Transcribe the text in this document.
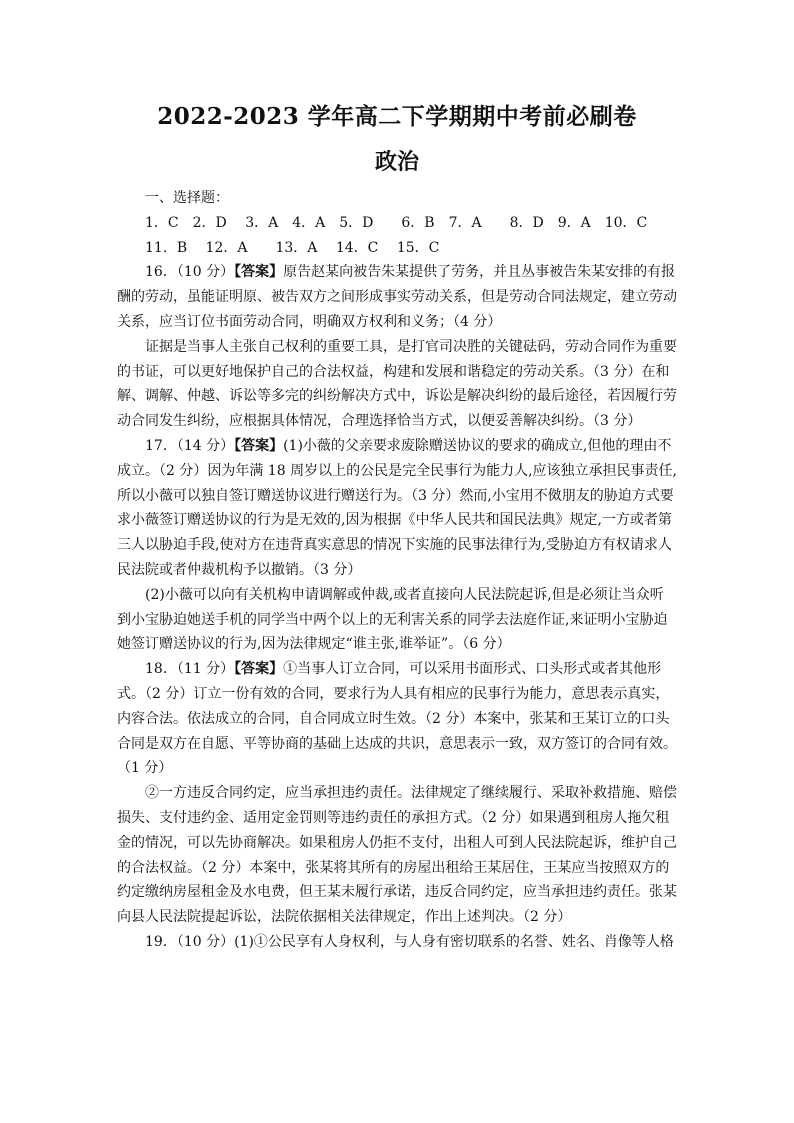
2022-2023 学年高二下学期期中考前必刷卷
政治

一、选择题：

1．C　2．D　 3．A　4．A　5．D　　6．B　7．A　　8．D　9．A　10．C

11．B　 12．A　　13．A　 14．C　 15．C

16．（10 分）【答案】原告赵某向被告朱某提供了劳务，并且丛事被告朱某安排的有报酬的劳动，虽能证明原、被告双方之间形成事实劳动关系，但是劳动合同法规定，建立劳动关系，应当订位书面劳动合同，明确双方权利和义务；（4 分）

证据是当事人主张自己权利的重要工具，是打官司决胜的关键砝码，劳动合同作为重要的书证，可以更好地保护自己的合法权益，构建和发展和谐稳定的劳动关系。（3 分）在和解、调解、仲越、诉讼等多完的纠纷解决方式中，诉讼是解决纠纷的最后途径，若因履行劳动合同发生纠纷，应根据具体情况，合理选择恰当方式，以便妥善解决纠纷。（3 分）

17．（14 分）【答案】(1)小薇的父亲要求废除赠送协议的要求的确成立,但他的理由不成立。（2 分）因为年满 18 周岁以上的公民是完全民事行为能力人,应该独立承担民事责任,所以小薇可以独自签订赠送协议进行赠送行为。（3 分）然而,小宝用不傚朋友的胁迫方式要求小薇签订赠送协议的行为是无效的,因为根据《中华人民共和国民法典》规定,一方或者第三人以胁迫手段,使对方在违背真实意思的情况下实施的民事法律行为,受胁迫方有权请求人民法院或者仲裁机构予以撤销。（3 分）

(2)小薇可以向有关机构申请调解或仲裁,或者直接向人民法院起诉,但是必须让当众听到小宝胁迫她送手机的同学当中两个以上的无利害关系的同学去法庭作证,来证明小宝胁迫她签订赠送协议的行为,因为法律规定“谁主张,谁举证”。（6 分）

18．（11 分）【答案】①当事人订立合同，可以采用书面形式、口头形式或者其他形式。（2 分）订立一份有效的合同，要求行为人具有相应的民事行为能力，意思表示真实，内容合法。依法成立的合同，自合同成立时生效。（2 分）本案中，张某和王某订立的口头合同是双方在自愿、平等协商的基础上达成的共识，意思表示一致，双方签订的合同有效。（1 分）

②一方违反合同约定，应当承担违约责任。法律规定了继续履行、采取补救措施、赔偿损失、支付违约金、适用定金罚则等违约责任的承担方式。（2 分）如果遇到租房人拖欠租金的情况，可以先协商解决。如果租房人仍拒不支付，出租人可到人民法院起诉，维护自己的合法权益。（2 分）本案中，张某将其所有的房屋出租给王某居住，王某应当按照双方的约定缴纳房屋租金及水电费，但王某未履行承诺，违反合同约定，应当承担违约责任。张某向县人民法院提起诉讼，法院依据相关法律规定，作出上述判决。（2 分）

19．（10 分）(1)①公民享有人身权利，与人身有密切联系的名誉、姓名、肖像等人格
